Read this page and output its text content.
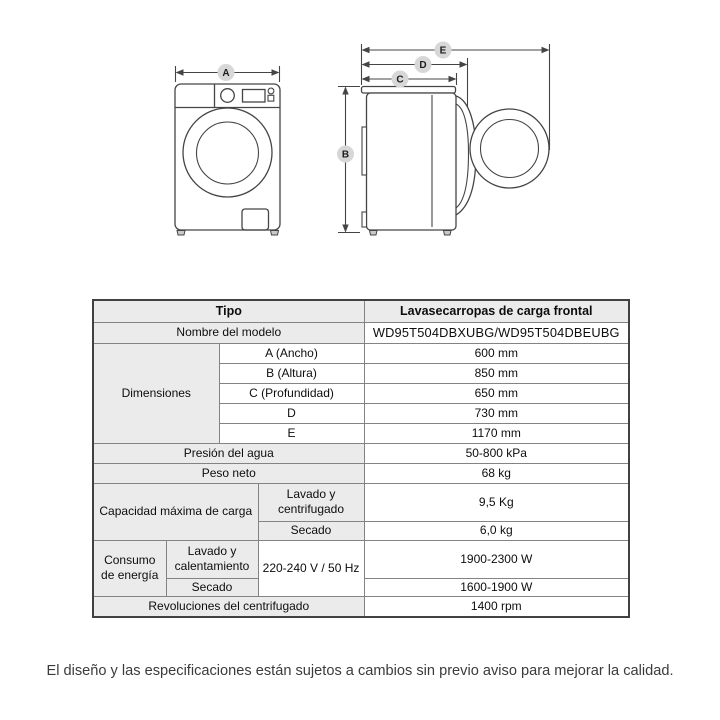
A
B
C
D
E
Tipo				Lavasecarropas de carga frontal
Nombre del modelo				WD95T504DBXUBG/WD95T504DBEUBG
Dimensiones		A (Ancho)		600 mm
		B (Altura)		850 mm
		C (Profundidad)		650 mm
		D		730 mm
		E		1170 mm
Presión del agua				50-800 kPa
Peso neto				68 kg
Capacidad máxima de carga			Lavado y centrifugado	9,5 Kg
			Secado	6,0 kg
Consumo de energía	Lavado y calentamiento		220-240 V / 50 Hz	1900-2300 W
	Secado			1600-1900 W
Revoluciones del centrifugado				1400 rpm
El diseño y las especificaciones están sujetos a cambios sin previo aviso para mejorar la calidad.
